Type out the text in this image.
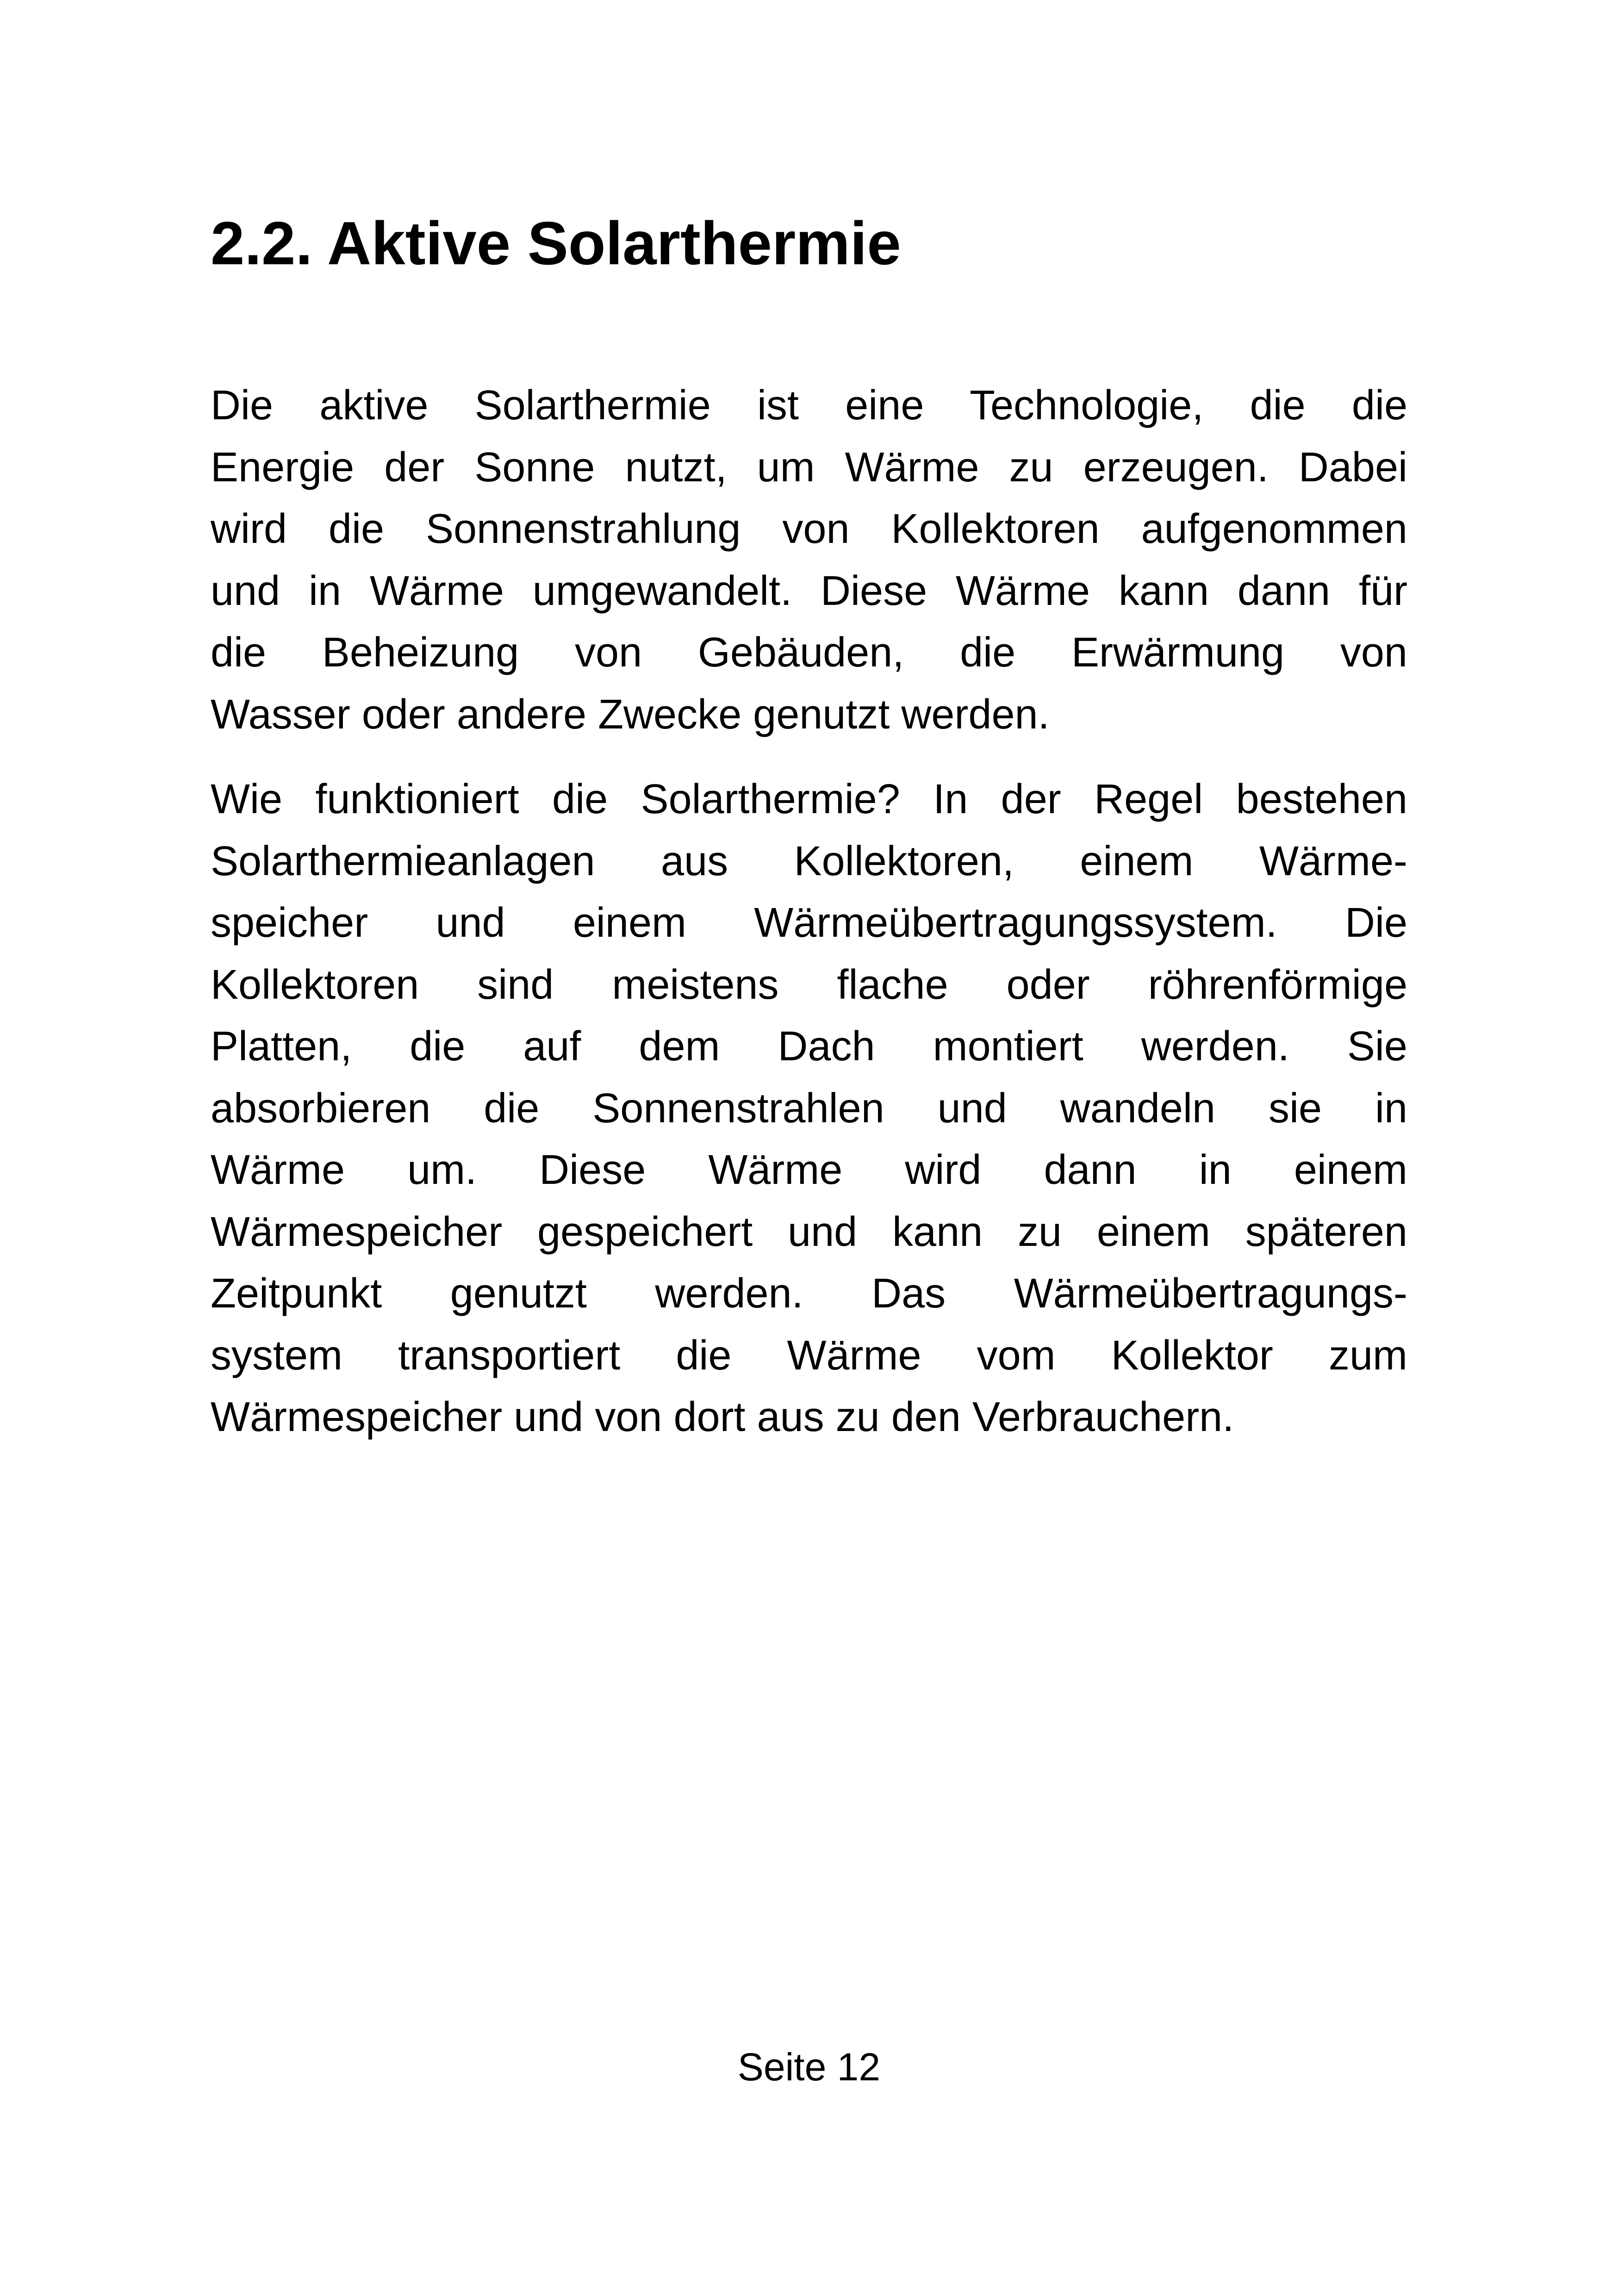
2.2. Aktive Solarthermie
Die aktive Solarthermie ist eine Technologie, die die
Energie der Sonne nutzt, um Wärme zu erzeugen. Dabei
wird die Sonnenstrahlung von Kollektoren aufgenommen
und in Wärme umgewandelt. Diese Wärme kann dann für
die Beheizung von Gebäuden, die Erwärmung von
Wasser oder andere Zwecke genutzt werden.
Wie funktioniert die Solarthermie? In der Regel bestehen
Solarthermieanlagen aus Kollektoren, einem Wärme-
speicher und einem Wärmeübertragungssystem. Die
Kollektoren sind meistens flache oder röhrenförmige
Platten, die auf dem Dach montiert werden. Sie
absorbieren die Sonnenstrahlen und wandeln sie in
Wärme um. Diese Wärme wird dann in einem
Wärmespeicher gespeichert und kann zu einem späteren
Zeitpunkt genutzt werden. Das Wärmeübertragungs-
system transportiert die Wärme vom Kollektor zum
Wärmespeicher und von dort aus zu den Verbrauchern.
Seite 12
